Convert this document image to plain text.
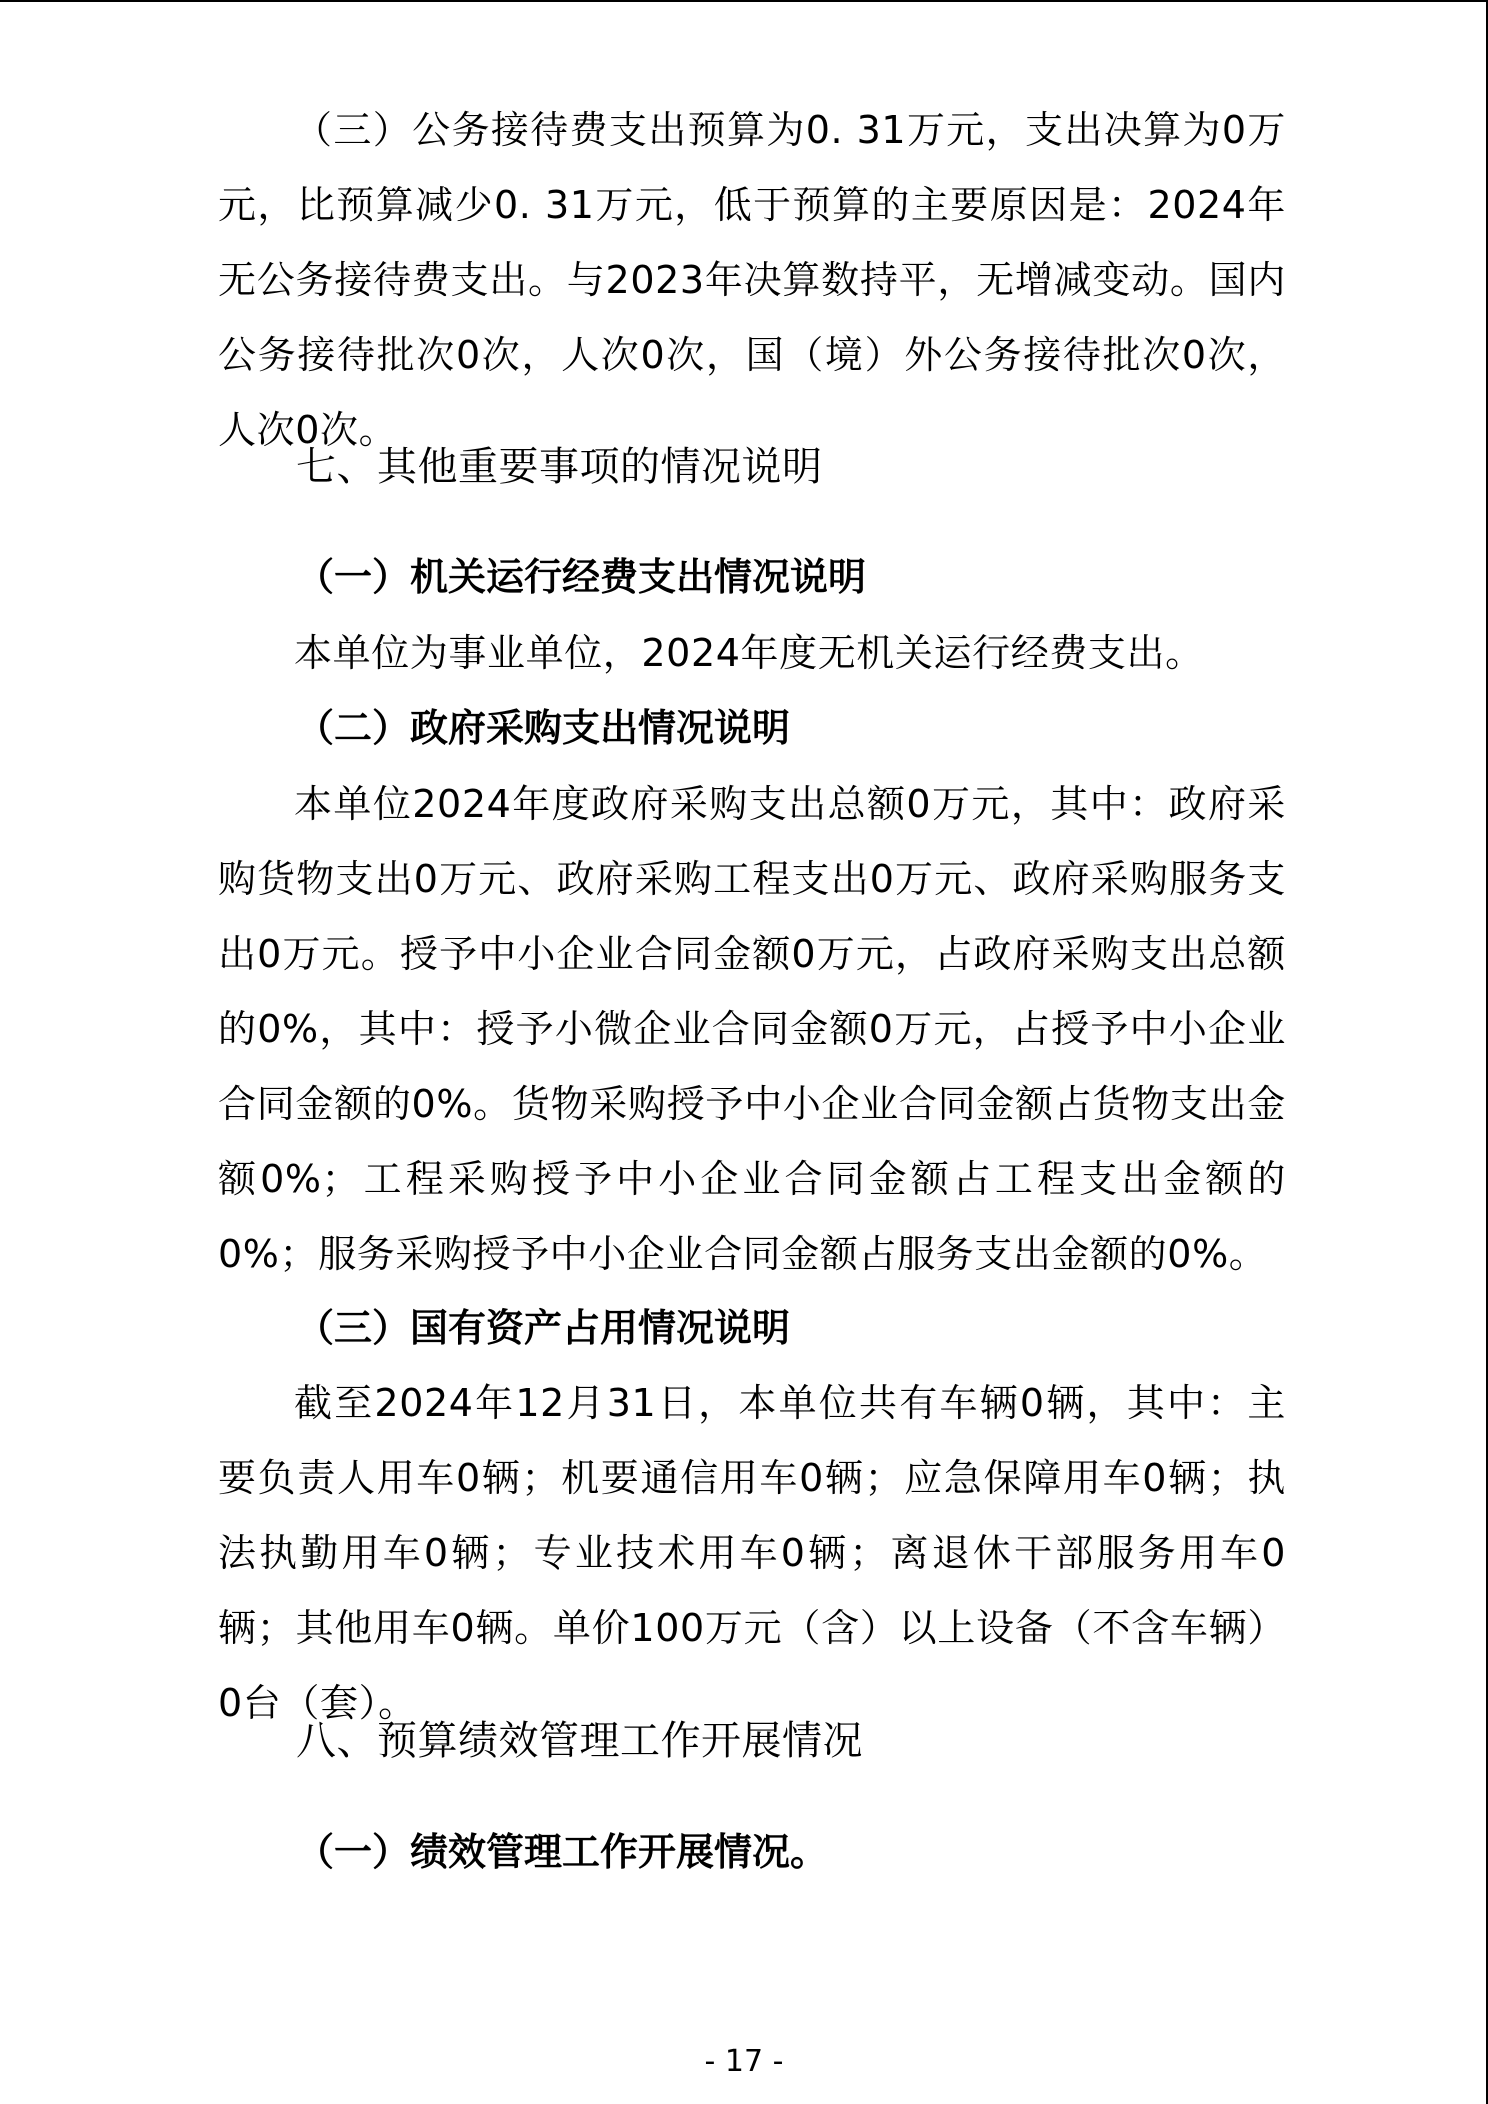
（三）公务接待费支出预算为0. 31万元，支出决算为0万元，比预算减少0. 31万元，低于预算的主要原因是：2024年无公务接待费支出。与2023年决算数持平，无增减变动。国内公务接待批次0次，人次0次，国（境）外公务接待批次0次，人次0次。

七、其他重要事项的情况说明
（一）机关运行经费支出情况说明

本单位为事业单位，2024年度无机关运行经费支出。

（二）政府采购支出情况说明

本单位2024年度政府采购支出总额0万元，其中：政府采购货物支出0万元、政府采购工程支出0万元、政府采购服务支出0万元。授予中小企业合同金额0万元，占政府采购支出总额的0%，其中：授予小微企业合同金额0万元，占授予中小企业合同金额的0%。货物采购授予中小企业合同金额占货物支出金额0%；工程采购授予中小企业合同金额占工程支出金额的0%；服务采购授予中小企业合同金额占服务支出金额的0%。

（三）国有资产占用情况说明

截至2024年12月31日，本单位共有车辆0辆，其中：主要负责人用车0辆；机要通信用车0辆；应急保障用车0辆；执法执勤用车0辆；专业技术用车0辆；离退休干部服务用车0辆；其他用车0辆。单价100万元（含）以上设备（不含车辆）0台（套）。

八、预算绩效管理工作开展情况
（一）绩效管理工作开展情况。
- 17 -
